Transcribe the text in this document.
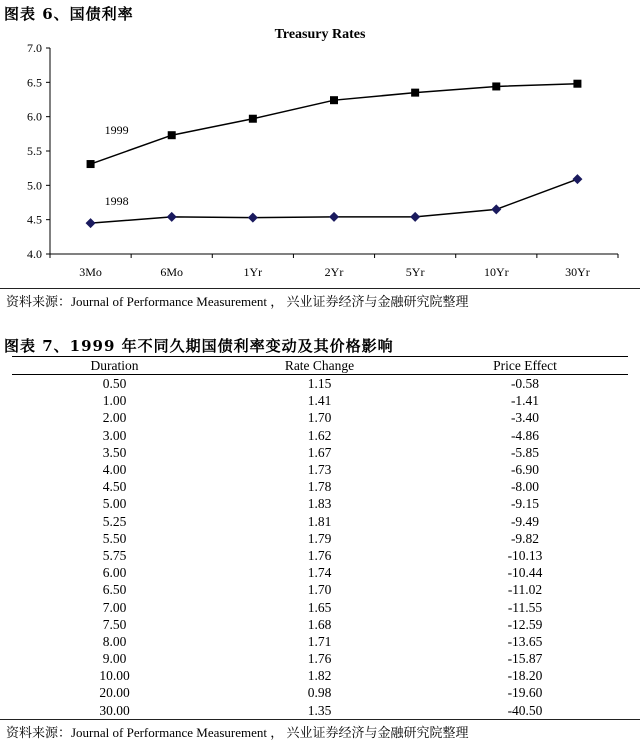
图表 6、国债利率
Treasury Rates
4.0
4.5
5.0
5.5
6.0
6.5
7.0
3Mo	6Mo	1Yr	2Yr	5Yr	10Yr	30Yr
1999
1998
资料来源：Journal of Performance Measurement ， 兴业证券经济与金融研究院整理
图表 7、1999 年不同久期国债利率变动及其价格影响
Duration	Rate Change	Price Effect
0.50	1.15	-0.58
1.00	1.41	-1.41
2.00	1.70	-3.40
3.00	1.62	-4.86
3.50	1.67	-5.85
4.00	1.73	-6.90
4.50	1.78	-8.00
5.00	1.83	-9.15
5.25	1.81	-9.49
5.50	1.79	-9.82
5.75	1.76	-10.13
6.00	1.74	-10.44
6.50	1.70	-11.02
7.00	1.65	-11.55
7.50	1.68	-12.59
8.00	1.71	-13.65
9.00	1.76	-15.87
10.00	1.82	-18.20
20.00	0.98	-19.60
30.00	1.35	-40.50
资料来源：Journal of Performance Measurement ， 兴业证券经济与金融研究院整理
